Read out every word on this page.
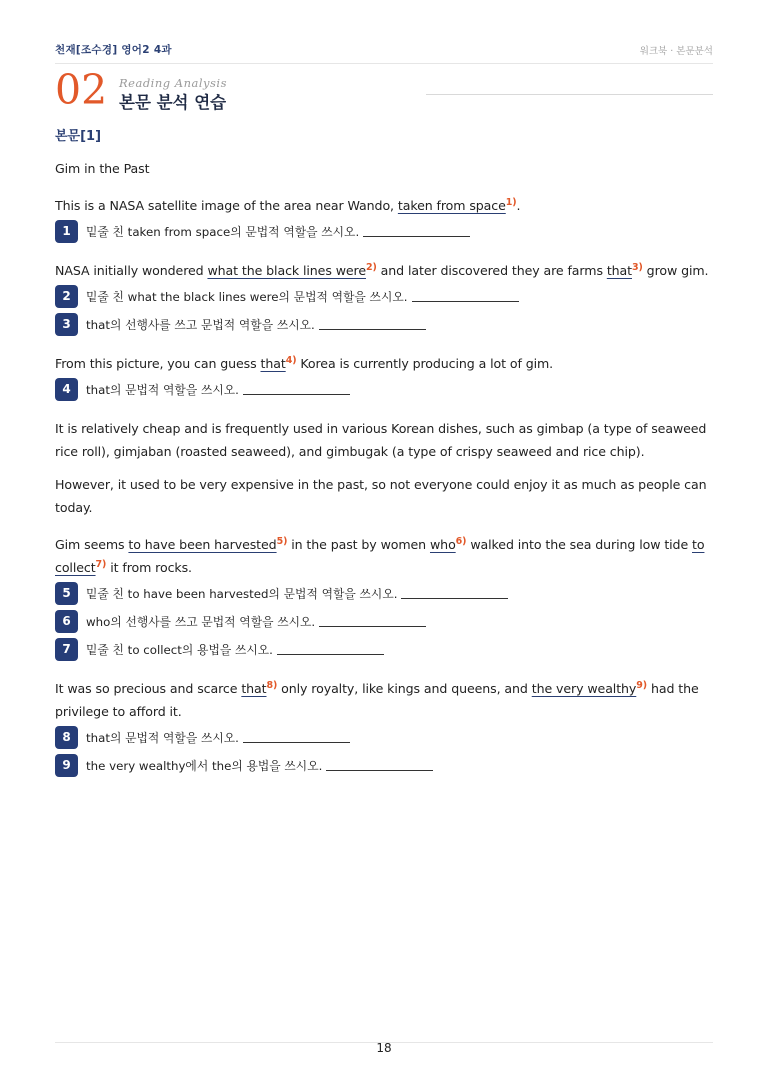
천재[조수경] 영어2 4과	워크북 · 본문분석
02 Reading Analysis
본문 분석 연습
본문[1]
Gim in the Past
This is a NASA satellite image of the area near Wando, taken from space$^{1)}$.
1	밑줄 친 taken from space의 문법적 역할을 쓰시오.
NASA initially wondered what the black lines were$^{2)}$ and later discovered they are farms that$^{3)}$ grow gim.
2	밑줄 친 what the black lines were의 문법적 역할을 쓰시오.
3	that의 선행사를 쓰고 문법적 역할을 쓰시오.
From this picture, you can guess that$^{4)}$ Korea is currently producing a lot of gim.
4	that의 문법적 역할을 쓰시오.
It is relatively cheap and is frequently used in various Korean dishes, such as gimbap (a type of seaweed rice roll), gimjaban (roasted seaweed), and gimbugak (a type of crispy seaweed and rice chip).
However, it used to be very expensive in the past, so not everyone could enjoy it as much as people can today.
Gim seems to have been harvested$^{5)}$ in the past by women who$^{6)}$ walked into the sea during low tide to collect$^{7)}$ it from rocks.
5	밑줄 친 to have been harvested의 문법적 역할을 쓰시오.
6	who의 선행사를 쓰고 문법적 역할을 쓰시오.
7	밑줄 친 to collect의 용법을 쓰시오.
It was so precious and scarce that$^{8)}$ only royalty, like kings and queens, and the very wealthy$^{9)}$ had the privilege to afford it.
8	that의 문법적 역할을 쓰시오.
9	the very wealthy에서 the의 용법을 쓰시오.
18
